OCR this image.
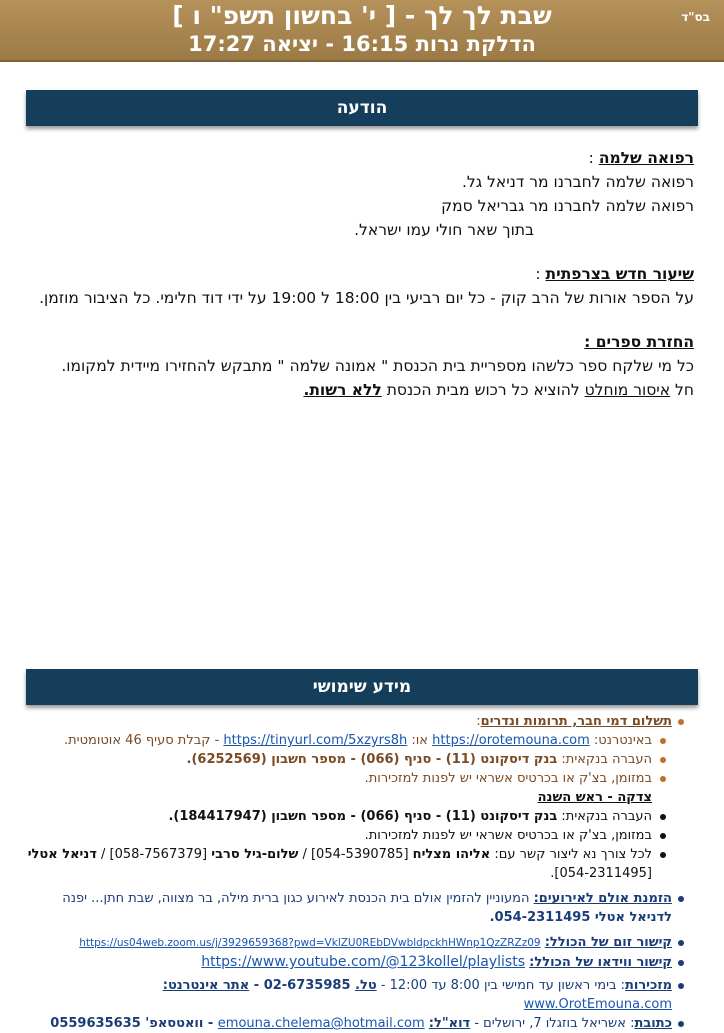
בס"ד
שבת לך לך - [ י' בחשון תשפ" ו ]
הדלקת נרות 16:15 - יציאה 17:27
הודעה

רפואה שלמה :

רפואה שלמה לחברנו מר דניאל גל.

רפואה שלמה לחברנו מר גבריאל סמק

בתוך שאר חולי עמו ישראל.

שיעור חדש בצרפתית :

על הספר אורות של הרב קוק - כל יום רביעי בין 18:00 ל 19:00 על ידי דוד חלימי. כל הציבור מוזמן.

החזרת ספרים :

כל מי שלקח ספר כלשהו מספריית בית הכנסת " אמונה שלמה " מתבקש להחזירו מיידית למקומו.

חל איסור מוחלט להוציא כל רכוש מבית הכנסת ללא רשות.

מידע שימושי
תשלום דמי חבר, תרומות ונדרים:
באינטרנט: https://orotemouna.com או: https://tinyurl.com/5xzyrs8h - קבלת סעיף 46 אוטומטית.
העברה בנקאית: בנק דיסקונט (11) - סניף (066) - מספר חשבון (6252569).
במזומן, בצ'ק או בכרטיס אשראי יש לפנות למזכירות.
צדקה - ראש השנה
העברה בנקאית: בנק דיסקונט (11) - סניף (066) - מספר חשבון (184417947).
במזומן, בצ'ק או בכרטיס אשראי יש לפנות למזכירות.
לכל צורך נא ליצור קשר עם: אליהו מצליח [054-5390785] / שלום-גיל סרבי [058-7567379] / דניאל אטלי [054-2311495].
הזמנת אולם לאירועים: המעוניין להזמין אולם בית הכנסת לאירוע כגון ברית מילה, בר מצווה, שבת חתן... יפנה לדניאל אטלי 054-2311495.
קישור זום של הכולל: https://us04web.zoom.us/j/3929659368?pwd=VklZU0REbDVwbldpckhHWnp1QzZRZz09
קישור ווידאו של הכולל: https://www.youtube.com/@123kollel/playlists
מזכירות: בימי ראשון עד חמישי בין 8:00 עד 12:00 - טל. 02-6735985 - אתר אינטרנט: www.OrotEmouna.com
כתובת: אשריאל בוזגלו 7, ירושלים - דוא"ל: emouna.chelema@hotmail.com - וואטסאפ' 0559635635
